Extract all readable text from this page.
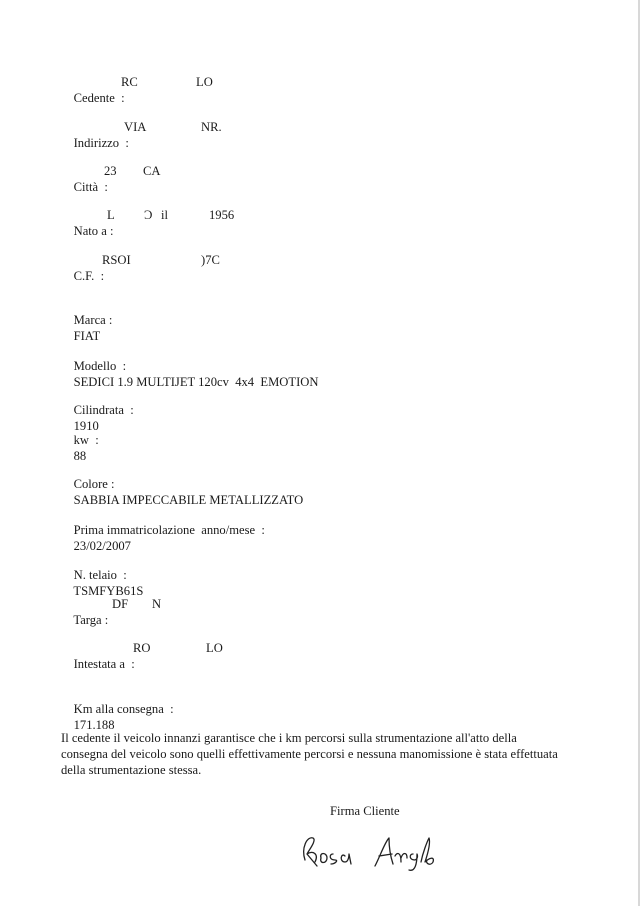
Cedente  :

RC	LO

Indirizzo  :

VIA	NR.

Città  :

23 CA

Nato a :

L Ɔ il	1956

C.F.  :

RSOI	)7C

Marca :
FIAT

Modello  :
SEDICI 1.9 MULTIJET 120cv  4x4  EMOTION

Cilindrata  :
1910

kw  :
88

Colore :
SABBIA IMPECCABILE METALLIZZATO

Prima immatricolazione  anno/mese  :
23/02/2007

N. telaio  :
TSMFYB61S

Targa :

DF N

Intestata a  :

RO	LO

Km alla consegna  :
171.188

Il cedente il veicolo innanzi garantisce che i km percorsi sulla strumentazione all'atto della
consegna del veicolo sono quelli effettivamente percorsi e nessuna manomissione è stata effettuata
della strumentazione stessa.
Firma Cliente
